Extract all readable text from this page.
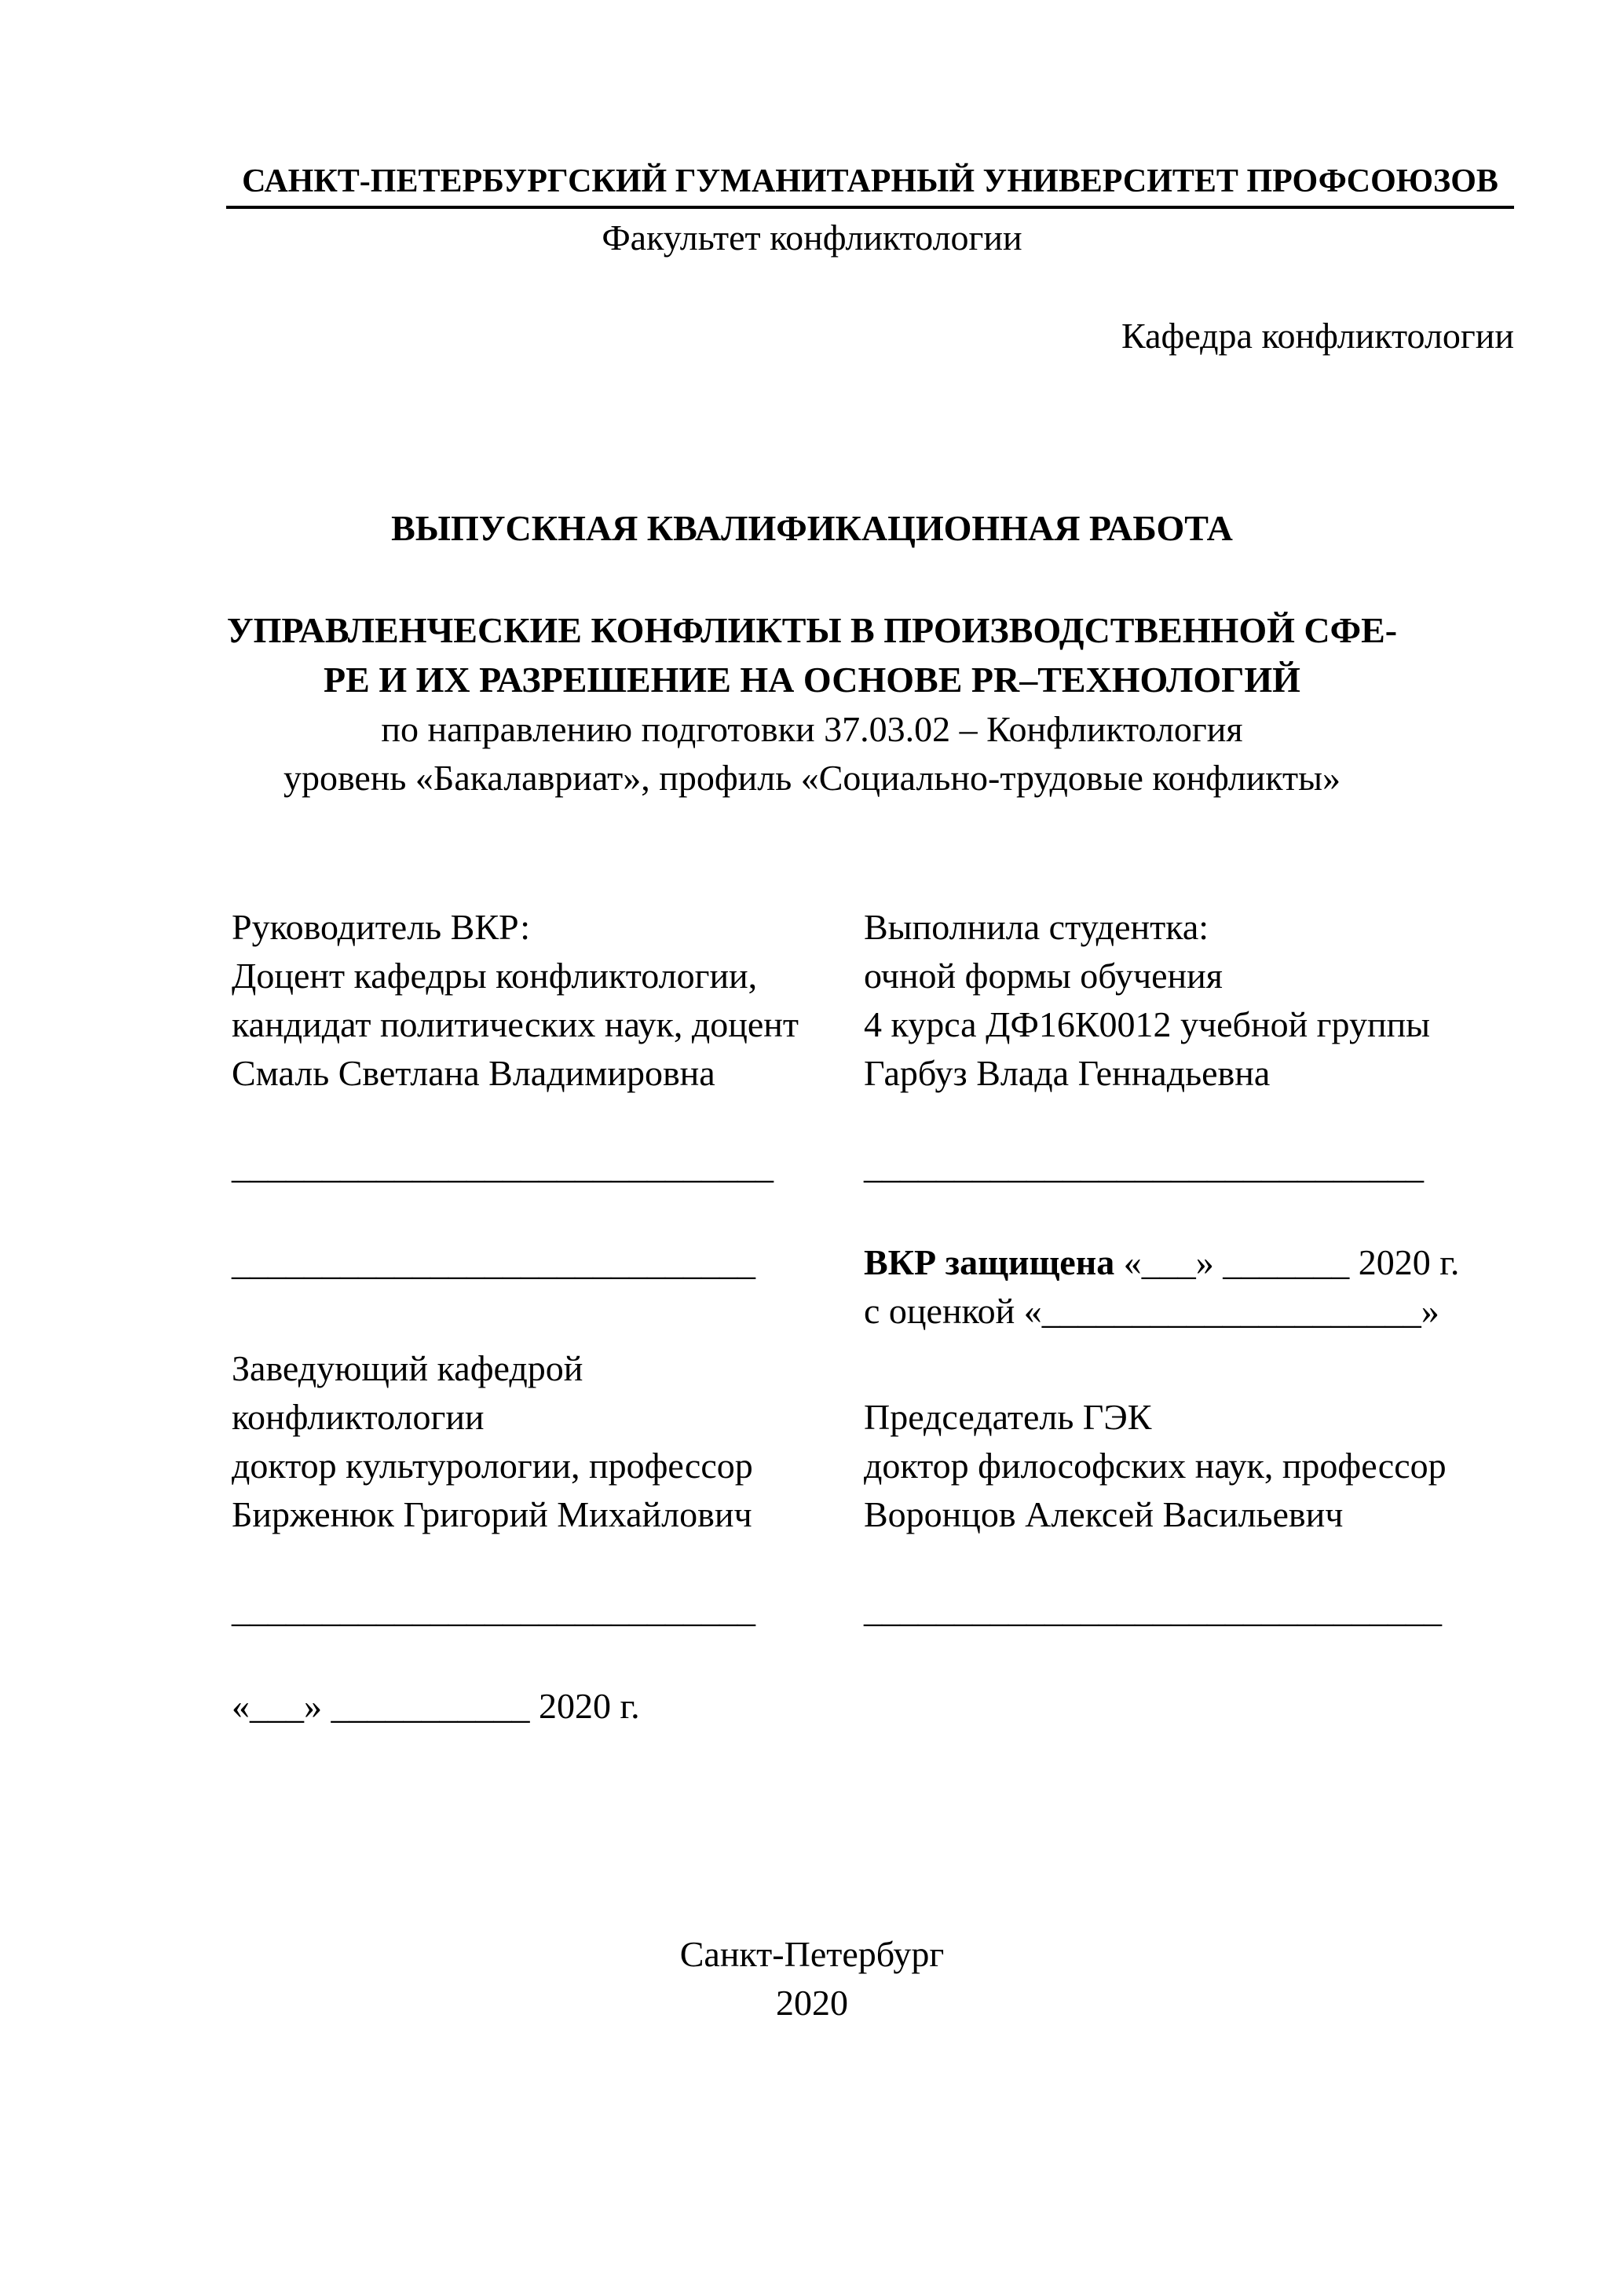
САНКТ-ПЕТЕРБУРГСКИЙ ГУМАНИТАРНЫЙ УНИВЕРСИТЕТ ПРОФСОЮЗОВ
Факультет конфликтологии
Кафедра конфликтологии
ВЫПУСКНАЯ КВАЛИФИКАЦИОННАЯ РАБОТА
УПРАВЛЕНЧЕСКИЕ КОНФЛИКТЫ В ПРОИЗВОДСТВЕННОЙ СФЕ-
РЕ И ИХ РАЗРЕШЕНИЕ НА ОСНОВЕ PR–ТЕХНОЛОГИЙ
по направлению подготовки 37.03.02 – Конфликтология
уровень «Бакалавриат», профиль «Социально-трудовые конфликты»
Руководитель ВКР:
Доцент кафедры конфликтологии,
кандидат политических наук, доцент
Смаль Светлана Владимировна
______________________________
_____________________________
Выполнила студентка:
очной формы обучения
4 курса ДФ16К0012 учебной группы
Гарбуз Влада Геннадьевна
_______________________________
ВКР защищена «___» _______ 2020 г.
с оценкой «_____________________»
Заведующий кафедрой
конфликтологии
доктор культурологии, профессор
Бирженюк Григорий Михайлович
_____________________________
«___» ___________ 2020 г.
Председатель ГЭК
доктор философских наук, профессор
Воронцов Алексей Васильевич
________________________________
Санкт-Петербург
2020
